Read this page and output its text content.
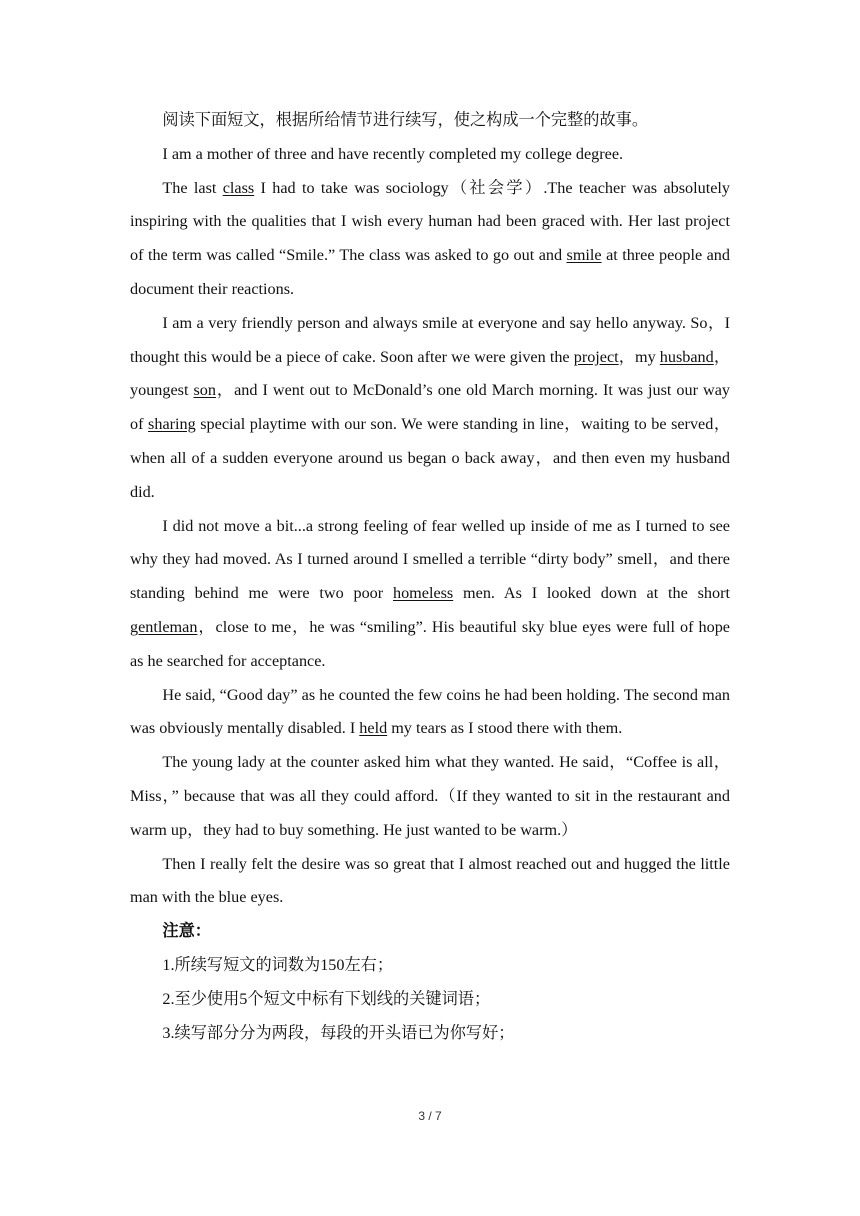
阅读下面短文，根据所给情节进行续写，使之构成一个完整的故事。

I am a mother of three and have recently completed my college degree.

The last class I had to take was sociology（社会学）.The teacher was absolutely inspiring with the qualities that I wish every human had been graced with. Her last project of the term was called “Smile.” The class was asked to go out and smile at three people and document their reactions.

I am a very friendly person and always smile at everyone and say hello anyway. So，I thought this would be a piece of cake. Soon after we were given the project，my husband，youngest son，and I went out to McDonald’s one old March morning. It was just our way of sharing special playtime with our son. We were standing in line，waiting to be served，when all of a sudden everyone around us began o back away，and then even my husband did.

I did not move a bit...a strong feeling of fear welled up inside of me as I turned to see why they had moved. As I turned around I smelled a terrible “dirty body” smell，and there standing behind me were two poor homeless men. As I looked down at the short gentleman，close to me，he was “smiling”. His beautiful sky blue eyes were full of hope as he searched for acceptance.

He said, “Good day” as he counted the few coins he had been holding. The second man was obviously mentally disabled. I held my tears as I stood there with them.

The young lady at the counter asked him what they wanted. He said，“Coffee is all，Miss，” because that was all they could afford.（If they wanted to sit in the restaurant and warm up，they had to buy something. He just wanted to be warm.）

Then I really felt the desire was so great that I almost reached out and hugged the little man with the blue eyes.

注意：

1.所续写短文的词数为150左右；

2.至少使用5个短文中标有下划线的关键词语；

3.续写部分分为两段，每段的开头语已为你写好；

3 / 7
